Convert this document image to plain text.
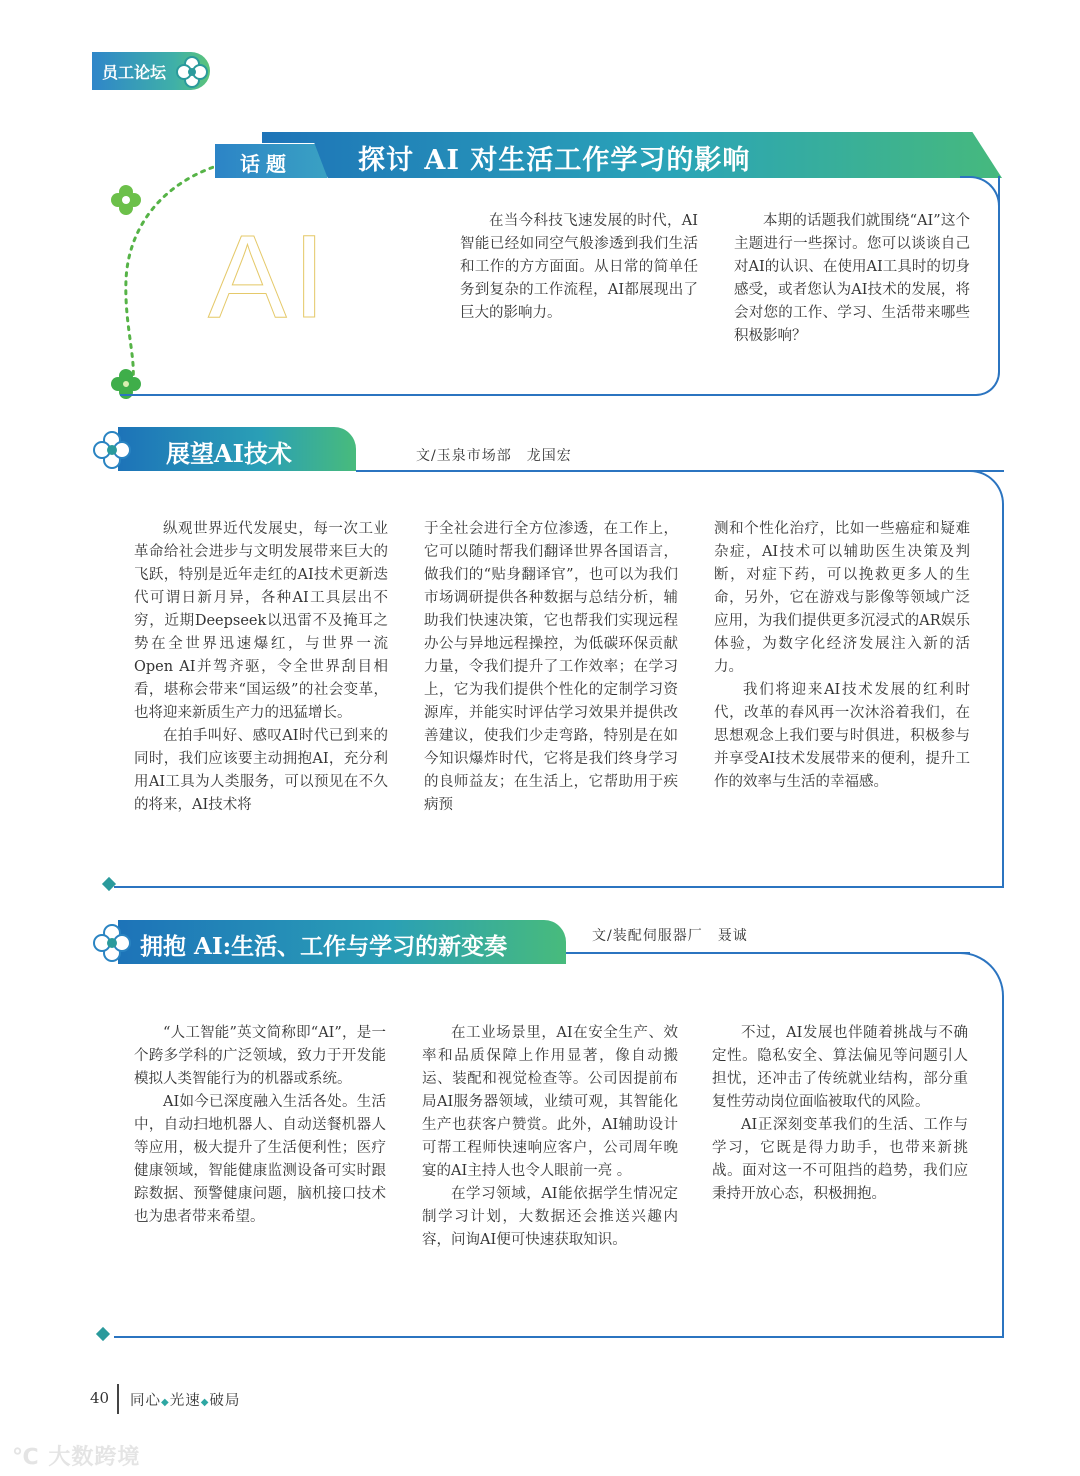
员工论坛
话题 探讨 AI 对生活工作学习的影响
AI	在当今科技飞速发展的时代，AI智能已经如同空气般渗透到我们生活和工作的方方面面。从日常的简单任务到复杂的工作流程，AI都展现出了巨大的影响力。
本期的话题我们就围绕“AI”这个主题进行一些探讨。您可以谈谈自己对AI的认识、在使用AI工具时的切身感受，或者您认为AI技术的发展，将会对您的工作、学习、生活带来哪些积极影响？
展望AI技术	文/玉泉市场部　龙国宏

纵观世界近代发展史，每一次工业革命给社会进步与文明发展带来巨大的飞跃，特别是近年走红的AI技术更新迭代可谓日新月异，各种AI工具层出不穷，近期Deepseek以迅雷不及掩耳之势在全世界迅速爆红，与世界一流Open AI并驾齐驱，令全世界刮目相看，堪称会带来“国运级”的社会变革，也将迎来新质生产力的迅猛增长。

在拍手叫好、感叹AI时代已到来的同时，我们应该要主动拥抱AI，充分利用AI工具为人类服务，可以预见在不久的将来，AI技术将

于全社会进行全方位渗透，在工作上，它可以随时帮我们翻译世界各国语言，做我们的“贴身翻译官”，也可以为我们市场调研提供各种数据与总结分析，辅助我们快速决策，它也帮我们实现远程办公与异地远程操控，为低碳环保贡献力量，令我们提升了工作效率；在学习上，它为我们提供个性化的定制学习资源库，并能实时评估学习效果并提供改善建议，使我们少走弯路，特别是在如今知识爆炸时代，它将是我们终身学习的良师益友；在生活上，它帮助用于疾病预

测和个性化治疗，比如一些癌症和疑难杂症，AI技术可以辅助医生决策及判断，对症下药，可以挽救更多人的生命，另外，它在游戏与影像等领域广泛应用，为我们提供更多沉浸式的AR娱乐体验，为数字化经济发展注入新的活力。

我们将迎来AI技术发展的红利时代，改革的春风再一次沐浴着我们，在思想观念上我们要与时俱进，积极参与并享受AI技术发展带来的便利，提升工作的效率与生活的幸福感。

拥抱 AI:生活、工作与学习的新变奏	文/装配伺服器厂　聂诚

“人工智能”英文简称即“AI”，是一个跨多学科的广泛领域，致力于开发能模拟人类智能行为的机器或系统。

AI如今已深度融入生活各处。生活中，自动扫地机器人、自动送餐机器人等应用，极大提升了生活便利性；医疗健康领域，智能健康监测设备可实时跟踪数据、预警健康问题，脑机接口技术也为患者带来希望。

在工业场景里，AI在安全生产、效率和品质保障上作用显著，像自动搬运、装配和视觉检查等。公司因提前布局AI服务器领域，业绩可观，其智能化生产也获客户赞赏。此外，AI辅助设计可帮工程师快速响应客户，公司周年晚宴的AI主持人也令人眼前一亮 。

在学习领域，AI能依据学生情况定制学习计划，大数据还会推送兴趣内容，问询AI便可快速获取知识。

不过，AI发展也伴随着挑战与不确定性。隐私安全、算法偏见等问题引人担忧，还冲击了传统就业结构，部分重复性劳动岗位面临被取代的风险。

AI正深刻变革我们的生活、工作与学习，它既是得力助手，也带来新挑战。面对这一不可阻挡的趋势，我们应秉持开放心态，积极拥抱。

40 同心◆光速◆破局
℃ 大数跨境
